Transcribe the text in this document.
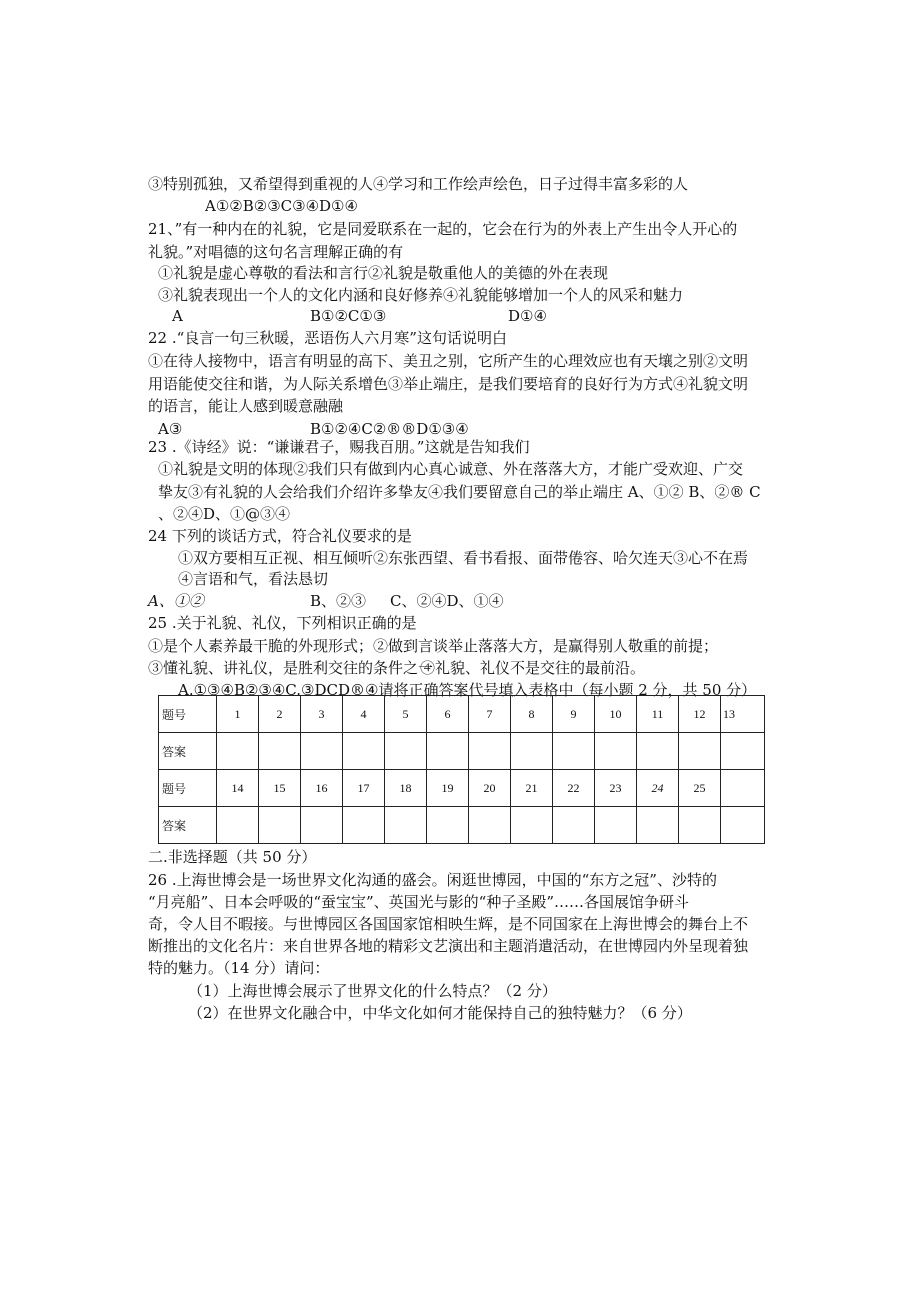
③特别孤独，又希望得到重视的人④学习和工作绘声绘色，日子过得丰富多彩的人
A①②B②③C③④D①④
21、”有一种内在的礼貌，它是同爱联系在一起的，它会在行为的外表上产生出令人开心的
礼貌。”对唱德的这句名言理解正确的有
①礼貌是虚心尊敬的看法和言行②礼貌是敬重他人的美德的外在表现
③礼貌表现出一个人的文化内涵和良好修养④礼貌能够增加一个人的风采和魅力
A	B①②C①③	D①④
22 .“良言一句三秋暖，恶语伤人六月寒”这句话说明白
①在待人接物中，语言有明显的高下、美丑之别，它所产生的心理效应也有天壤之别②文明
用语能使交往和谐，为人际关系增色③举止端庄，是我们要培育的良好行为方式④礼貌文明
的语言，能让人感到暖意融融
A③	B①②④C②®®D①③④
23 .《诗经》说：“谦谦君子，赐我百朋。”这就是告知我们
①礼貌是文明的体现②我们只有做到内心真心诚意、外在落落大方，才能广受欢迎、广交
挚友③有礼貌的人会给我们介绍许多挚友④我们要留意自己的举止端庄 A、①② B、②® C
、②④D、①@③④
24 下列的谈话方式，符合礼仪要求的是
①双方要相互正视、相互倾听②东张西望、看书看报、面带倦容、哈欠连天③心不在焉
④言语和气，看法恳切
A、①②	B、②③ C、②④D、①④
25 .关于礼貌、礼仪，下列相识正确的是
①是个人素养最干脆的外现形式；②做到言谈举止落落大方，是赢得别人敬重的前提；
③懂礼貌、讲礼仪，是胜利交往的条件之一
④礼貌、礼仪不是交往的最前沿。
A.①③④B②③④C.③DCD®④请将正确答案代号填入表格中（每小题 2 分，共 50 分）
二.非选择题（共 50 分）
26 .上海世博会是一场世界文化沟通的盛会。闲逛世博园，中国的“东方之冠”、沙特的
“月亮船”、日本会呼吸的“蚕宝宝”、英国光与影的“种子圣殿”……各国展馆争研斗
奇，令人目不暇接。与世博园区各国国家馆相映生辉，是不同国家在上海世博会的舞台上不
断推出的文化名片：来自世界各地的精彩文艺演出和主题消遣活动，在世博园内外呈现着独
特的魅力。（14 分）请问：
（1）上海世博会展示了世界文化的什么特点？（2 分）
（2）在世界文化融合中，中华文化如何才能保持自己的独特魅力？（6 分）
题号	1	2	3	4	5	6	7	8	9	10	11	12	13
答案													
题号	14	15	16	17	18	19	20	21	22	23	24	25	
答案													
